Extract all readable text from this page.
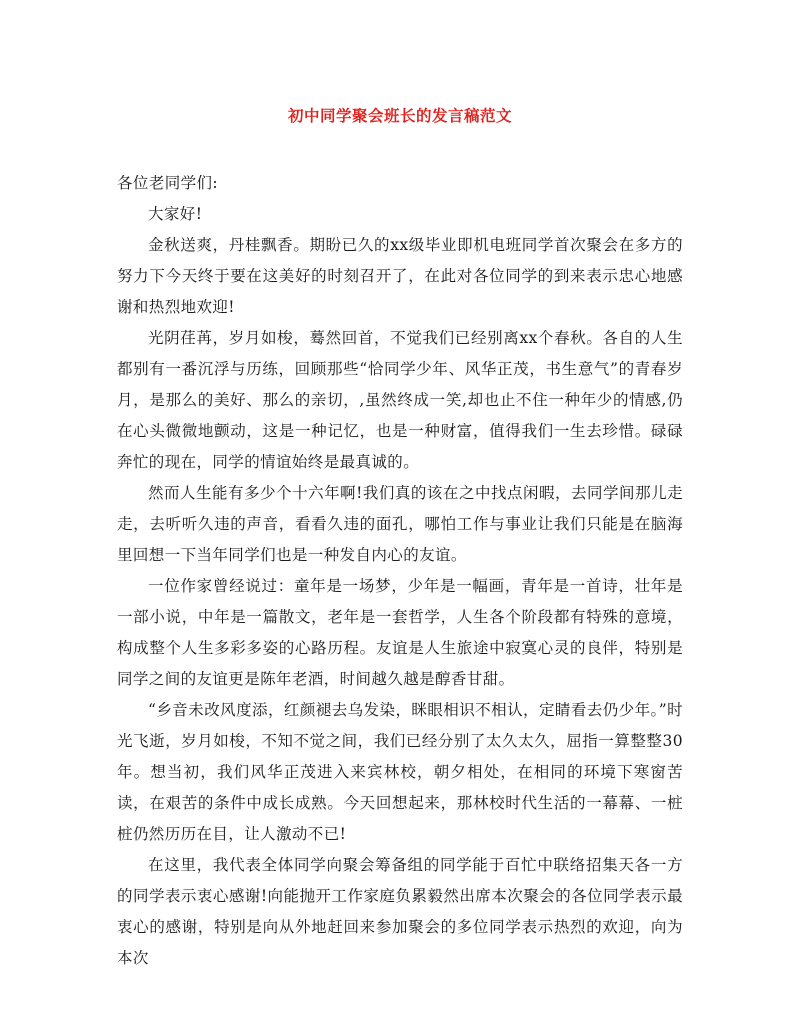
初中同学聚会班长的发言稿范文

各位老同学们:

大家好!

金秋送爽，丹桂飘香。期盼已久的xx级毕业即机电班同学首次聚会在多方的努力下今天终于要在这美好的时刻召开了，在此对各位同学的到来表示忠心地感谢和热烈地欢迎!

光阴荏苒，岁月如梭，蓦然回首，不觉我们已经别离xx个春秋。各自的人生都别有一番沉浮与历练，回顾那些“恰同学少年、风华正茂，书生意气”的青春岁月，是那么的美好、那么的亲切，,虽然终成一笑,却也止不住一种年少的情感,仍在心头微微地颤动，这是一种记忆，也是一种财富，值得我们一生去珍惜。碌碌奔忙的现在，同学的情谊始终是最真诚的。

然而人生能有多少个十六年啊!我们真的该在之中找点闲暇，去同学间那儿走走，去听听久违的声音，看看久违的面孔，哪怕工作与事业让我们只能是在脑海里回想一下当年同学们也是一种发自内心的友谊。

一位作家曾经说过：童年是一场梦，少年是一幅画，青年是一首诗，壮年是一部小说，中年是一篇散文，老年是一套哲学，人生各个阶段都有特殊的意境，构成整个人生多彩多姿的心路历程。友谊是人生旅途中寂寞心灵的良伴，特别是同学之间的友谊更是陈年老酒，时间越久越是醇香甘甜。

“乡音未改风度添，红颜褪去乌发染，眯眼相识不相认，定睛看去仍少年。”时光飞逝，岁月如梭，不知不觉之间，我们已经分别了太久太久，屈指一算整整30年。想当初，我们风华正茂进入来宾林校，朝夕相处，在相同的环境下寒窗苦读，在艰苦的条件中成长成熟。今天回想起来，那林校时代生活的一幕幕、一桩桩仍然历历在目，让人激动不已!

在这里，我代表全体同学向聚会筹备组的同学能于百忙中联络招集天各一方的同学表示衷心感谢!向能抛开工作家庭负累毅然出席本次聚会的各位同学表示最衷心的感谢，特别是向从外地赶回来参加聚会的多位同学表示热烈的欢迎，向为本次
